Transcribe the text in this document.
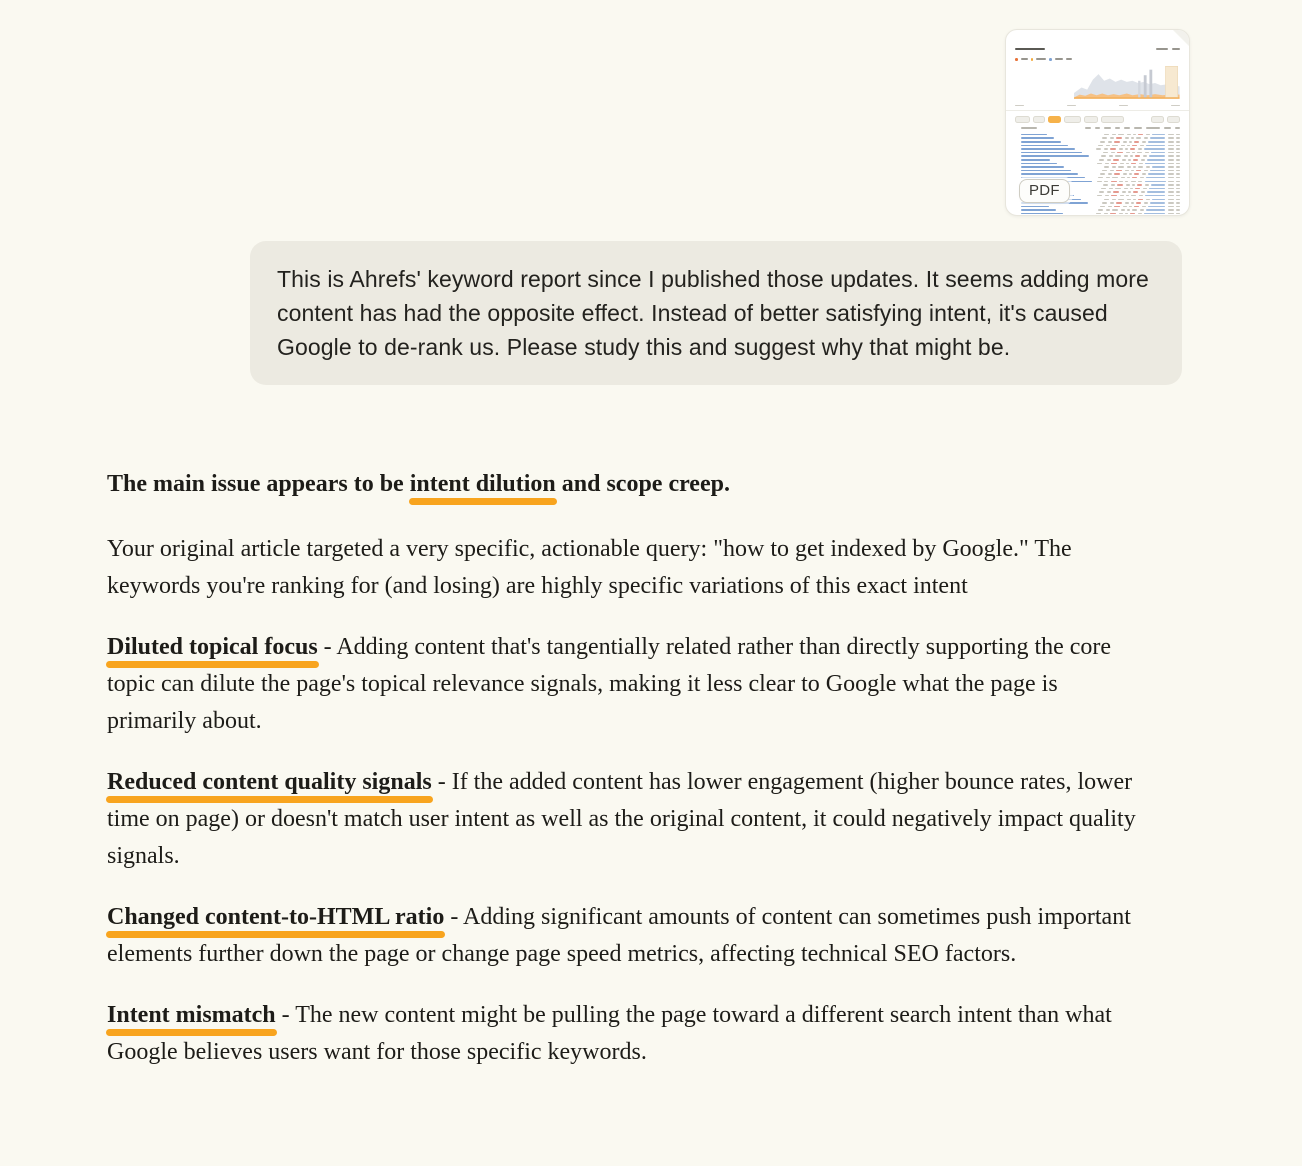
PDF

This is Ahrefs' keyword report since I published those updates. It seems adding more content has had the opposite effect. Instead of better satisfying intent, it's caused Google to de-rank us. Please study this and suggest why that might be.

The main issue appears to be intent dilution and scope creep.

Your original article targeted a very specific, actionable query: "how to get indexed by Google." The keywords you're ranking for (and losing) are highly specific variations of this exact intent

Diluted topical focus - Adding content that's tangentially related rather than directly supporting the core topic can dilute the page's topical relevance signals, making it less clear to Google what the page is primarily about.

Reduced content quality signals - If the added content has lower engagement (higher bounce rates, lower time on page) or doesn't match user intent as well as the original content, it could negatively impact quality signals.

Changed content-to-HTML ratio - Adding significant amounts of content can sometimes push important elements further down the page or change page speed metrics, affecting technical SEO factors.

Intent mismatch - The new content might be pulling the page toward a different search intent than what Google believes users want for those specific keywords.
